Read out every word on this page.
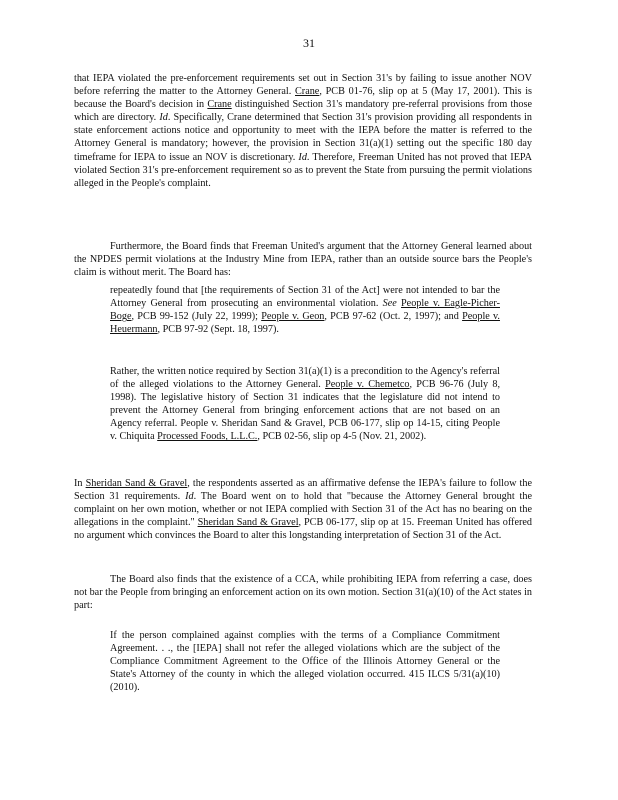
31

that IEPA violated the pre-enforcement requirements set out in Section 31's by failing to issue another NOV before referring the matter to the Attorney General. Crane, PCB 01-76, slip op at 5 (May 17, 2001). This is because the Board's decision in Crane distinguished Section 31's mandatory pre-referral provisions from those which are directory. Id. Specifically, Crane determined that Section 31's provision providing all respondents in state enforcement actions notice and opportunity to meet with the IEPA before the matter is referred to the Attorney General is mandatory; however, the provision in Section 31(a)(1) setting out the specific 180 day timeframe for IEPA to issue an NOV is discretionary. Id. Therefore, Freeman United has not proved that IEPA violated Section 31's pre-enforcement requirement so as to prevent the State from pursuing the permit violations alleged in the People's complaint.

Furthermore, the Board finds that Freeman United's argument that the Attorney General learned about the NPDES permit violations at the Industry Mine from IEPA, rather than an outside source bars the People's claim is without merit. The Board has:

repeatedly found that [the requirements of Section 31 of the Act] were not intended to bar the Attorney General from prosecuting an environmental violation. See People v. Eagle-Picher-Boge, PCB 99-152 (July 22, 1999); People v. Geon, PCB 97-62 (Oct. 2, 1997); and People v. Heuermann, PCB 97-92 (Sept. 18, 1997).

Rather, the written notice required by Section 31(a)(1) is a precondition to the Agency's referral of the alleged violations to the Attorney General. People v. Chemetco, PCB 96-76 (July 8, 1998). The legislative history of Section 31 indicates that the legislature did not intend to prevent the Attorney General from bringing enforcement actions that are not based on an Agency referral. People v. Sheridan Sand & Gravel, PCB 06-177, slip op 14-15, citing People v. Chiquita Processed Foods, L.L.C., PCB 02-56, slip op 4-5 (Nov. 21, 2002).

In Sheridan Sand & Gravel, the respondents asserted as an affirmative defense the IEPA's failure to follow the Section 31 requirements. Id. The Board went on to hold that "because the Attorney General brought the complaint on her own motion, whether or not IEPA complied with Section 31 of the Act has no bearing on the allegations in the complaint." Sheridan Sand & Gravel, PCB 06-177, slip op at 15. Freeman United has offered no argument which convinces the Board to alter this longstanding interpretation of Section 31 of the Act.

The Board also finds that the existence of a CCA, while prohibiting IEPA from referring a case, does not bar the People from bringing an enforcement action on its own motion. Section 31(a)(10) of the Act states in part:

If the person complained against complies with the terms of a Compliance Commitment Agreement. . ., the [IEPA] shall not refer the alleged violations which are the subject of the Compliance Commitment Agreement to the Office of the Illinois Attorney General or the State's Attorney of the county in which the alleged violation occurred. 415 ILCS 5/31(a)(10) (2010).
